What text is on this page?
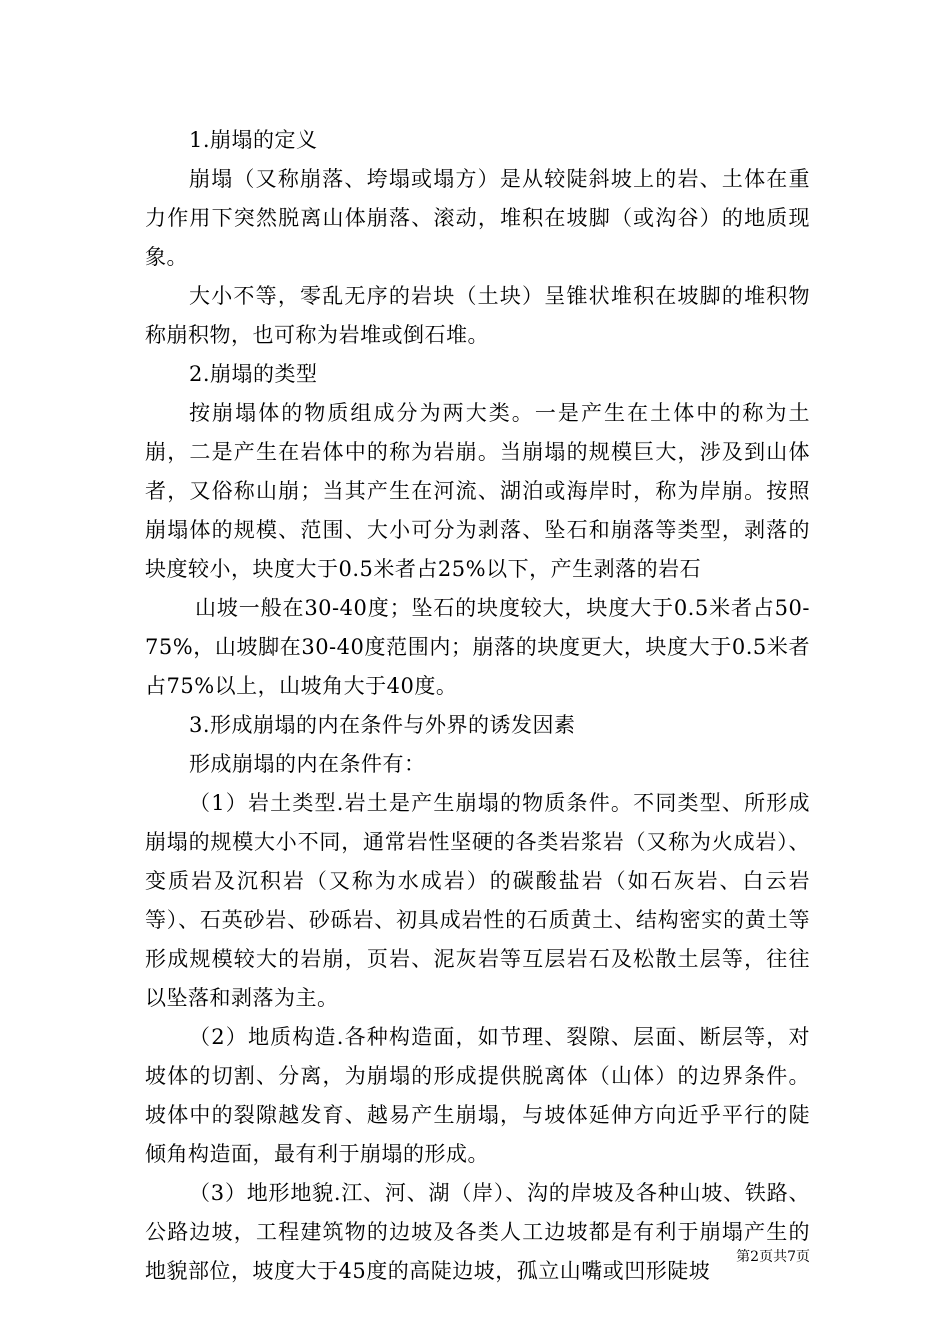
1.崩塌的定义

崩塌（又称崩落、垮塌或塌方）是从较陡斜坡上的岩、土体在重力作用下突然脱离山体崩落、滚动，堆积在坡脚（或沟谷）的地质现象。

大小不等，零乱无序的岩块（土块）呈锥状堆积在坡脚的堆积物称崩积物，也可称为岩堆或倒石堆。

2.崩塌的类型

按崩塌体的物质组成分为两大类。一是产生在土体中的称为土崩，二是产生在岩体中的称为岩崩。当崩塌的规模巨大，涉及到山体者，又俗称山崩；当其产生在河流、湖泊或海岸时，称为岸崩。按照崩塌体的规模、范围、大小可分为剥落、坠石和崩落等类型，剥落的块度较小，块度大于0.5米者占25%以下，产生剥落的岩石

山坡一般在30-40度；坠石的块度较大，块度大于0.5米者占50-75%，山坡脚在30-40度范围内；崩落的块度更大，块度大于0.5米者占75%以上，山坡角大于40度。

3.形成崩塌的内在条件与外界的诱发因素

形成崩塌的内在条件有：

（1）岩土类型.岩土是产生崩塌的物质条件。不同类型、所形成崩塌的规模大小不同，通常岩性坚硬的各类岩浆岩（又称为火成岩）、变质岩及沉积岩（又称为水成岩）的碳酸盐岩（如石灰岩、白云岩等）、石英砂岩、砂砾岩、初具成岩性的石质黄土、结构密实的黄土等形成规模较大的岩崩，页岩、泥灰岩等互层岩石及松散土层等，往往以坠落和剥落为主。

（2）地质构造.各种构造面，如节理、裂隙、层面、断层等，对坡体的切割、分离，为崩塌的形成提供脱离体（山体）的边界条件。坡体中的裂隙越发育、越易产生崩塌，与坡体延伸方向近乎平行的陡倾角构造面，最有利于崩塌的形成。

（3）地形地貌.江、河、湖（岸）、沟的岸坡及各种山坡、铁路、公路边坡，工程建筑物的边坡及各类人工边坡都是有利于崩塌产生的地貌部位，坡度大于45度的高陡边坡，孤立山嘴或凹形陡坡

第2页共7页
